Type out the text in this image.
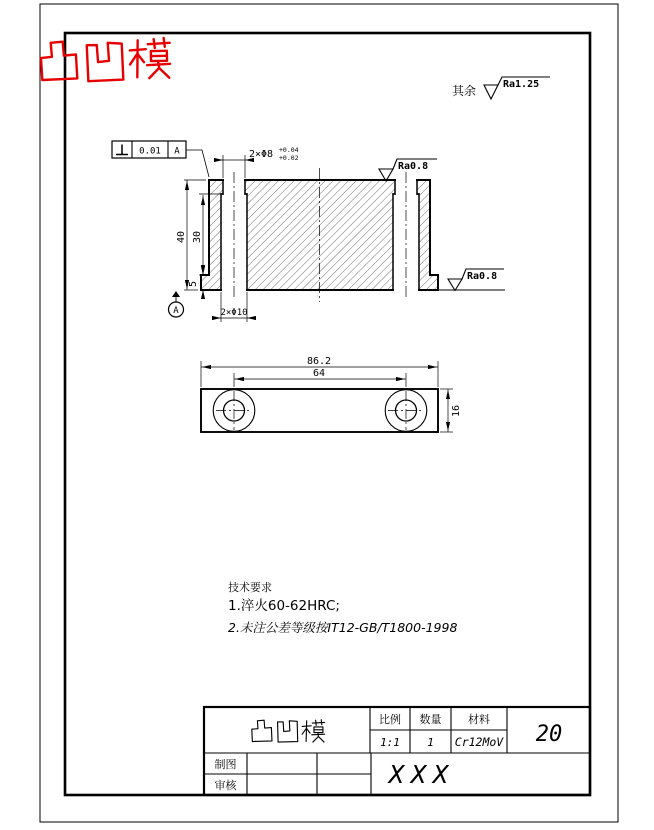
其余	Ra1.25
0.01 A	2×Φ8 +0.04
+0.02
40 30
5
2×Φ10
Ra0.8
Ra0.8
A
86.2
64
16
技术要求
1.淬火60-62HRC;
2.未注公差等级按IT12-GB/T1800-1998
比例 数量 材料
1:1 1 Cr12MoV 20
制图
审核	XXX
